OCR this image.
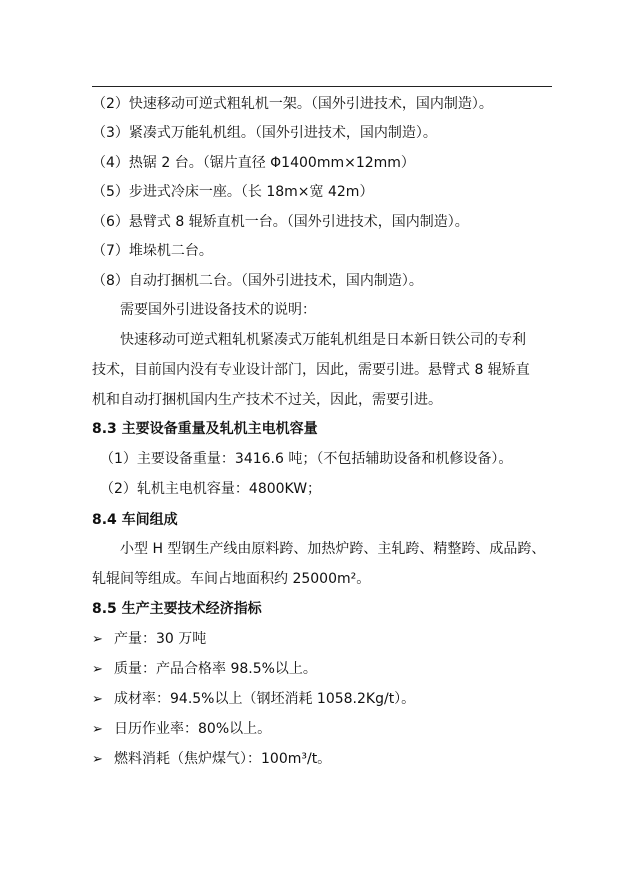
（2）快速移动可逆式粗轧机一架。（国外引进技术，国内制造）。
（3）紧凑式万能轧机组。（国外引进技术，国内制造）。
（4）热锯 2 台。（锯片直径 Φ1400mm×12mm）
（5）步进式冷床一座。（长 18m×宽 42m）
（6）悬臂式 8 辊矫直机一台。（国外引进技术，国内制造）。
（7）堆垛机二台。
（8）自动打捆机二台。（国外引进技术，国内制造）。
需要国外引进设备技术的说明：
快速移动可逆式粗轧机紧凑式万能轧机组是日本新日铁公司的专利
技术，目前国内没有专业设计部门，因此，需要引进。悬臂式 8 辊矫直
机和自动打捆机国内生产技术不过关，因此，需要引进。
8.3 主要设备重量及轧机主电机容量
（1）主要设备重量：3416.6 吨；（不包括辅助设备和机修设备）。
（2）轧机主电机容量：4800KW；
8.4 车间组成
小型 H 型钢生产线由原料跨、加热炉跨、主轧跨、精整跨、成品跨、
轧辊间等组成。车间占地面积约 25000m²。
8.5 生产主要技术经济指标
➢ 产量：30 万吨
➢ 质量：产品合格率 98.5%以上。
➢ 成材率：94.5%以上（钢坯消耗 1058.2Kg/t）。
➢ 日历作业率：80%以上。
➢ 燃料消耗（焦炉煤气）：100m³/t。
